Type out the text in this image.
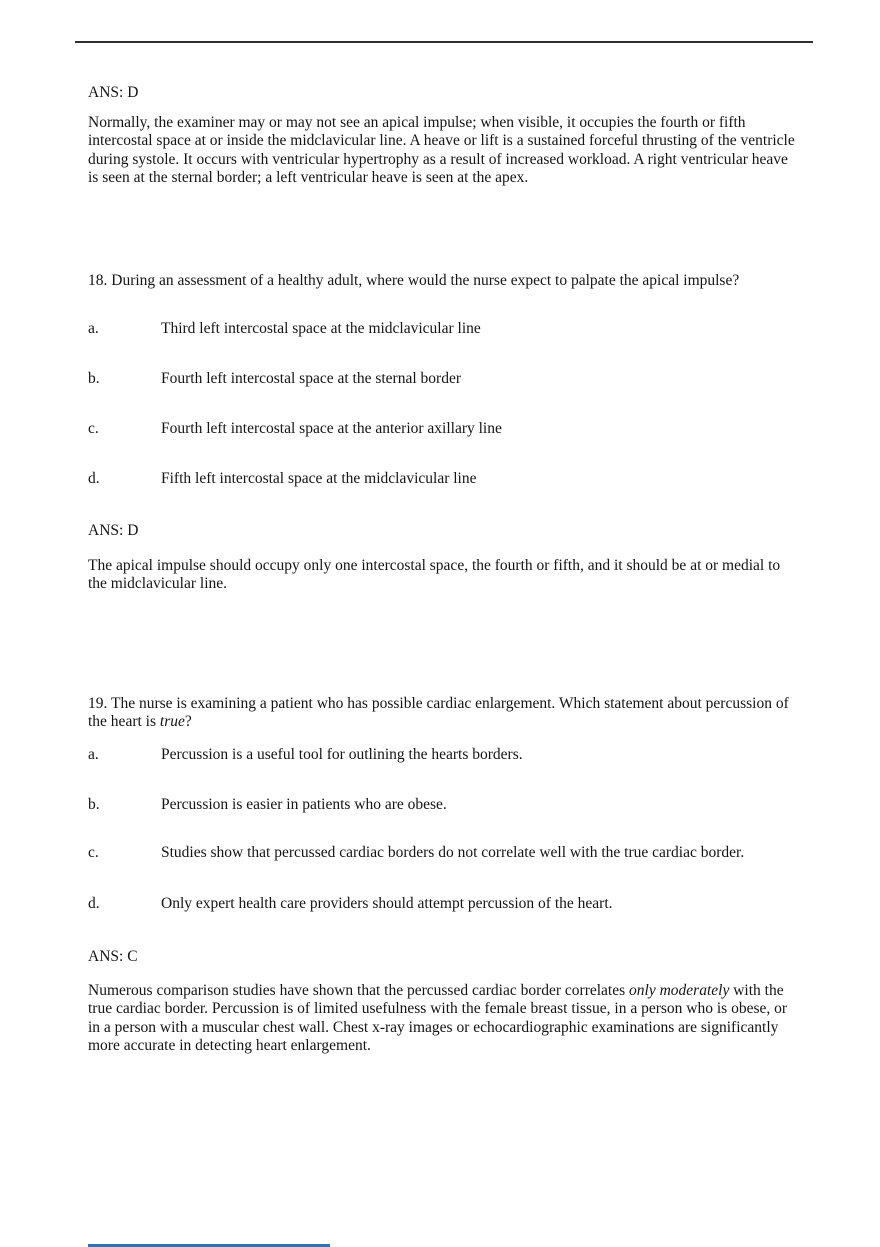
ANS: D
Normally, the examiner may or may not see an apical impulse; when visible, it occupies the fourth or fifth intercostal space at or inside the midclavicular line. A heave or lift is a sustained forceful thrusting of the ventricle during systole. It occurs with ventricular hypertrophy as a result of increased workload. A right ventricular heave is seen at the sternal border; a left ventricular heave is seen at the apex.
18. During an assessment of a healthy adult, where would the nurse expect to palpate the apical impulse?
a.	Third left intercostal space at the midclavicular line
b.	Fourth left intercostal space at the sternal border
c.	Fourth left intercostal space at the anterior axillary line
d.	Fifth left intercostal space at the midclavicular line
ANS: D
The apical impulse should occupy only one intercostal space, the fourth or fifth, and it should be at or medial to the midclavicular line.
19. The nurse is examining a patient who has possible cardiac enlargement. Which statement about percussion of the heart is true?
a.	Percussion is a useful tool for outlining the hearts borders.
b.	Percussion is easier in patients who are obese.
c.	Studies show that percussed cardiac borders do not correlate well with the true cardiac border.
d.	Only expert health care providers should attempt percussion of the heart.
ANS: C
Numerous comparison studies have shown that the percussed cardiac border correlates only moderately with the true cardiac border. Percussion is of limited usefulness with the female breast tissue, in a person who is obese, or in a person with a muscular chest wall. Chest x-ray images or echocardiographic examinations are significantly more accurate in detecting heart enlargement.
